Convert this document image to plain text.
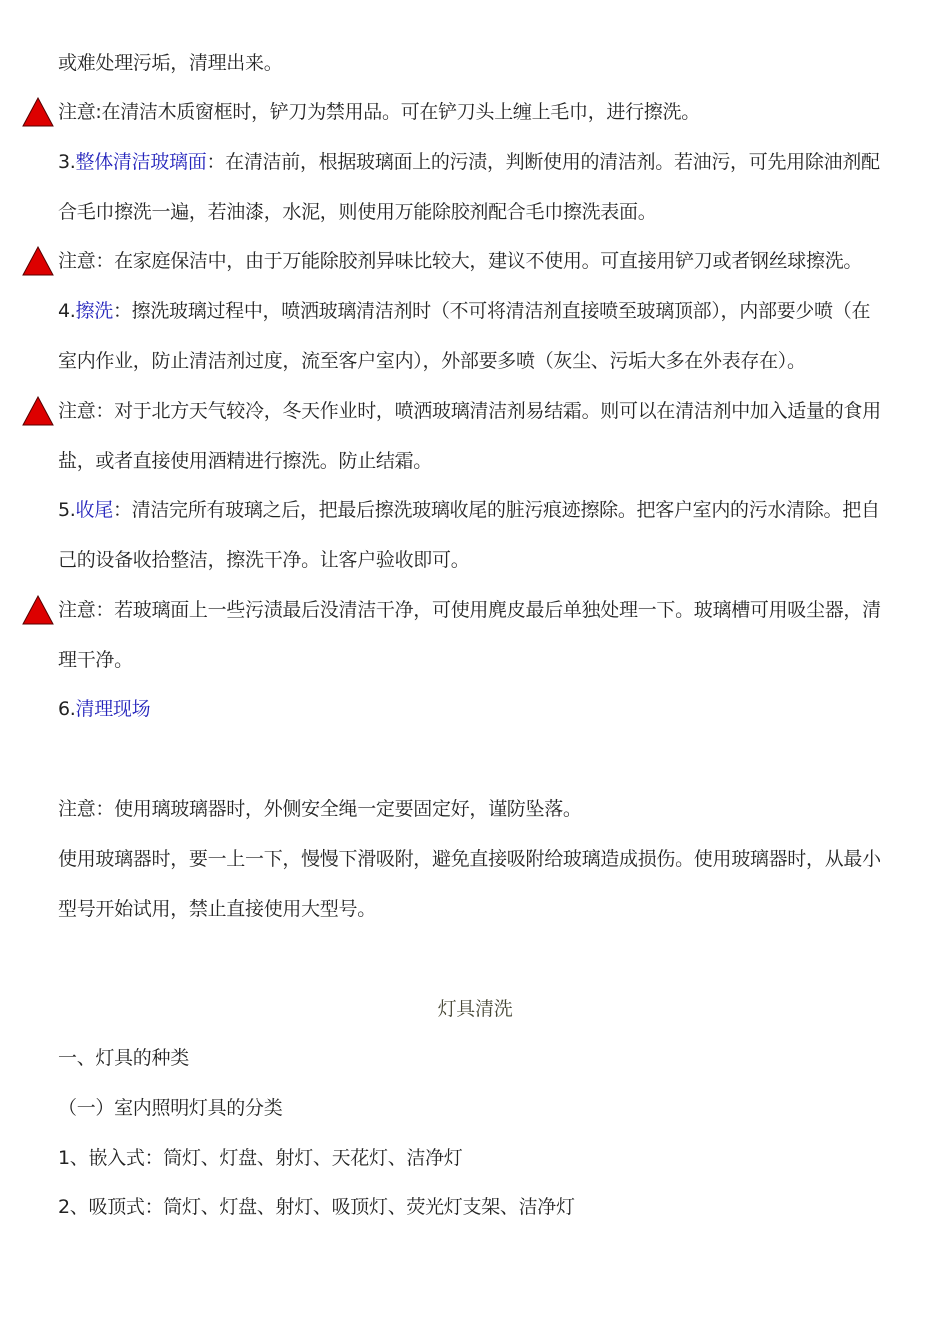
或难处理污垢，清理出来。
注意:在清洁木质窗框时，铲刀为禁用品。可在铲刀头上缠上毛巾，进行擦洗。
3.整体清洁玻璃面：在清洁前，根据玻璃面上的污渍，判断使用的清洁剂。若油污，可先用除油剂配
合毛巾擦洗一遍，若油漆，水泥，则使用万能除胶剂配合毛巾擦洗表面。
注意：在家庭保洁中，由于万能除胶剂异味比较大，建议不使用。可直接用铲刀或者钢丝球擦洗。
4.擦洗：擦洗玻璃过程中，喷洒玻璃清洁剂时（不可将清洁剂直接喷至玻璃顶部），内部要少喷（在
室内作业，防止清洁剂过度，流至客户室内），外部要多喷（灰尘、污垢大多在外表存在）。
注意：对于北方天气较冷，冬天作业时，喷洒玻璃清洁剂易结霜。则可以在清洁剂中加入适量的食用
盐，或者直接使用酒精进行擦洗。防止结霜。
5.收尾：清洁完所有玻璃之后，把最后擦洗玻璃收尾的脏污痕迹擦除。把客户室内的污水清除。把自
己的设备收拾整洁，擦洗干净。让客户验收即可。
注意：若玻璃面上一些污渍最后没清洁干净，可使用麂皮最后单独处理一下。玻璃槽可用吸尘器，清
理干净。
6.清理现场
注意：使用璃玻璃器时，外侧安全绳一定要固定好，谨防坠落。
使用玻璃器时，要一上一下，慢慢下滑吸附，避免直接吸附给玻璃造成损伤。使用玻璃器时，从最小
型号开始试用，禁止直接使用大型号。
灯具清洗
一、灯具的种类
（一）室内照明灯具的分类
1、嵌入式：筒灯、灯盘、射灯、天花灯、洁净灯
2、吸顶式：筒灯、灯盘、射灯、吸顶灯、荧光灯支架、洁净灯
